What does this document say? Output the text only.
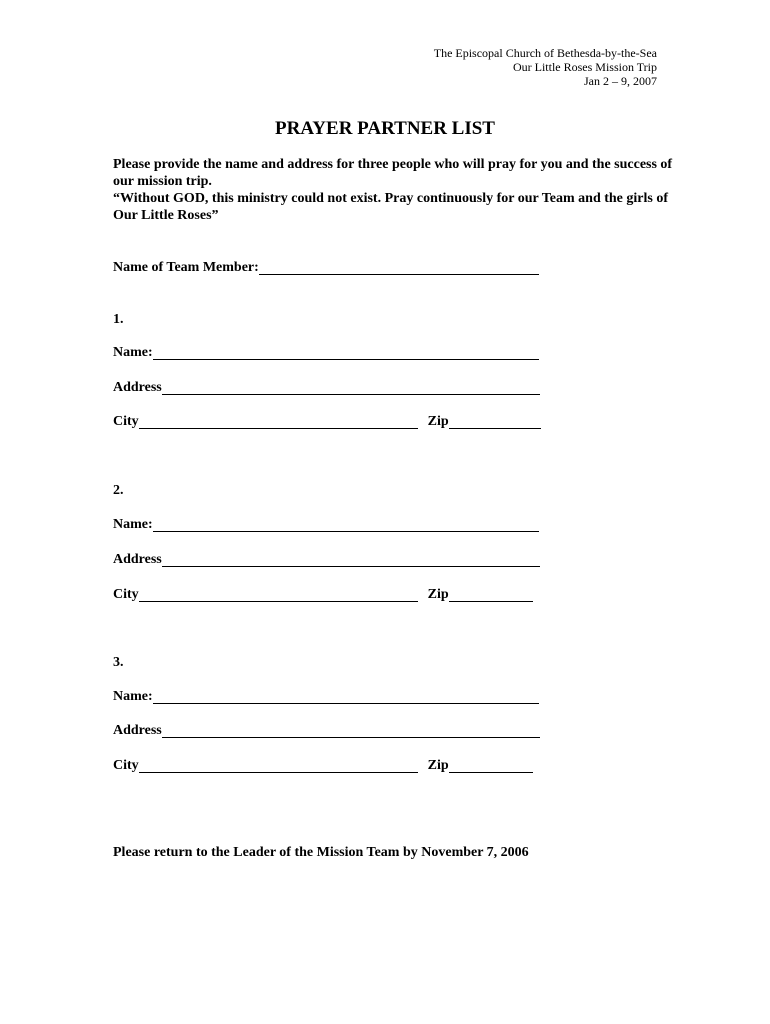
The Episcopal Church of Bethesda-by-the-Sea
Our Little Roses Mission Trip
Jan 2 – 9, 2007
PRAYER PARTNER LIST

Please provide the name and address for three people who will pray for you and the success of our mission trip.

“Without GOD, this ministry could not exist. Pray continuously for our Team and the girls of Our Little Roses”

Name of Team Member:
1.
Name:
Address
City	Zip
2.
Name:
Address
City	Zip
3.
Name:
Address
City	Zip
Please return to the Leader of the Mission Team by November 7, 2006
